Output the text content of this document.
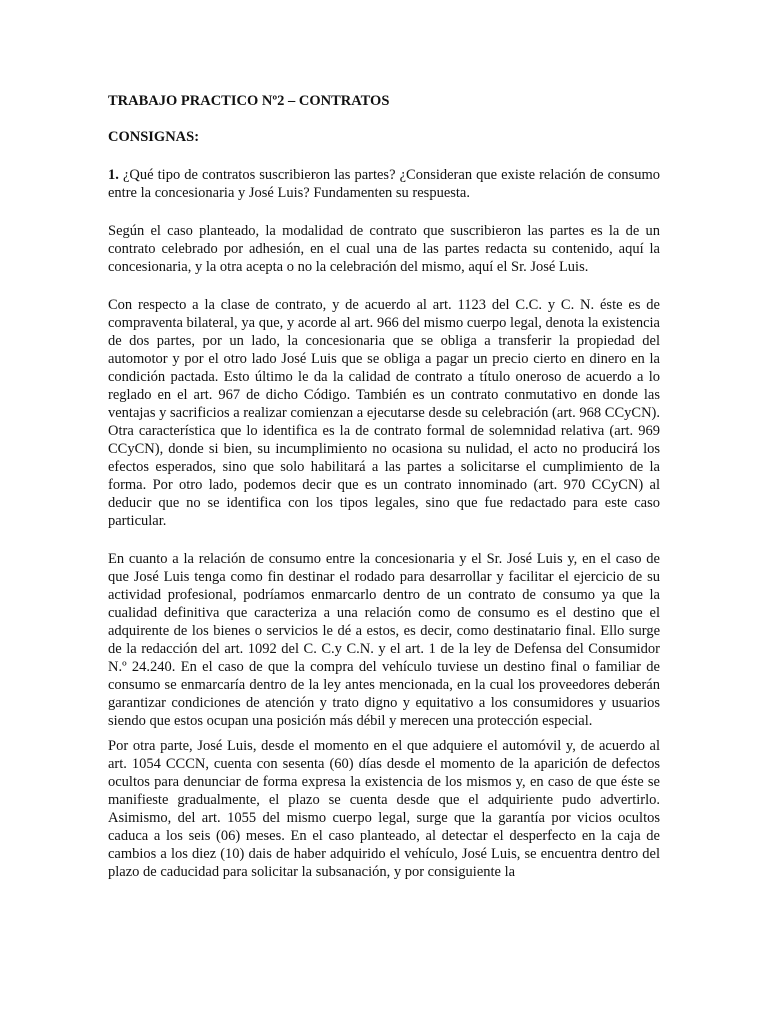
TRABAJO PRACTICO Nº2 – CONTRATOS
CONSIGNAS:

1. ¿Qué tipo de contratos suscribieron las partes? ¿Consideran que existe relación de consumo entre la concesionaria y José Luis? Fundamenten su respuesta.

Según el caso planteado, la modalidad de contrato que suscribieron las partes es la de un contrato celebrado por adhesión, en el cual una de las partes redacta su contenido, aquí la concesionaria, y la otra acepta o no la celebración del mismo, aquí el Sr. José Luis.

Con respecto a la clase de contrato, y de acuerdo al art. 1123 del C.C. y C. N. éste es de compraventa bilateral, ya que, y acorde al art. 966 del mismo cuerpo legal, denota la existencia de dos partes, por un lado, la concesionaria que se obliga a transferir la propiedad del automotor y por el otro lado José Luis que se obliga a pagar un precio cierto en dinero en la condición pactada. Esto último le da la calidad de contrato a título oneroso de acuerdo a lo reglado en el art. 967 de dicho Código. También es un contrato conmutativo en donde las ventajas y sacrificios a realizar comienzan a ejecutarse desde su celebración (art. 968 CCyCN). Otra característica que lo identifica es la de contrato formal de solemnidad relativa (art. 969 CCyCN), donde si bien, su incumplimiento no ocasiona su nulidad, el acto no producirá los efectos esperados, sino que solo habilitará a las partes a solicitarse el cumplimiento de la forma. Por otro lado, podemos decir que es un contrato innominado (art. 970 CCyCN) al deducir que no se identifica con los tipos legales, sino que fue redactado para este caso particular.

En cuanto a la relación de consumo entre la concesionaria y el Sr. José Luis y, en el caso de que José Luis tenga como fin destinar el rodado para desarrollar y facilitar el ejercicio de su actividad profesional, podríamos enmarcarlo dentro de un contrato de consumo ya que la cualidad definitiva que caracteriza a una relación como de consumo es el destino que el adquirente de los bienes o servicios le dé a estos, es decir, como destinatario final. Ello surge de la redacción del art. 1092 del C. C.y C.N. y el art. 1 de la ley de Defensa del Consumidor N.º 24.240. En el caso de que la compra del vehículo tuviese un destino final o familiar de consumo se enmarcaría dentro de la ley antes mencionada, en la cual los proveedores deberán garantizar condiciones de atención y trato digno y equitativo a los consumidores y usuarios siendo que estos ocupan una posición más débil y merecen una protección especial.

Por otra parte, José Luis, desde el momento en el que adquiere el automóvil y, de acuerdo al art. 1054 CCCN, cuenta con sesenta (60) días desde el momento de la aparición de defectos ocultos para denunciar de forma expresa la existencia de los mismos y, en caso de que éste se manifieste gradualmente, el plazo se cuenta desde que el adquiriente pudo advertirlo. Asimismo, del art. 1055 del mismo cuerpo legal, surge que la garantía por vicios ocultos caduca a los seis (06) meses. En el caso planteado, al detectar el desperfecto en la caja de cambios a los diez (10) dais de haber adquirido el vehículo, José Luis, se encuentra dentro del plazo de caducidad para solicitar la subsanación, y por consiguiente la
